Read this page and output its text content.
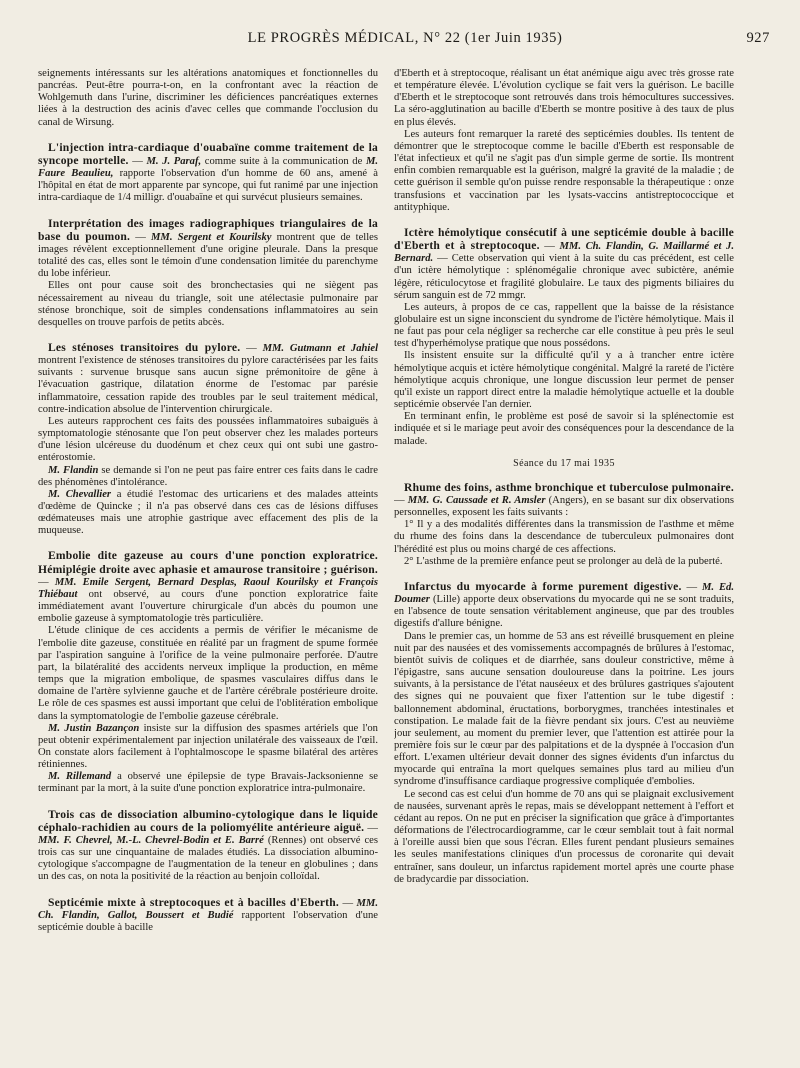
LE PROGRÈS MÉDICAL, N° 22 (1er Juin 1935)	927

seignements intéressants sur les altérations anatomiques et fonctionnelles du pancréas. Peut-être pourra-t-on, en la confrontant avec la réaction de Wohlgemuth dans l'urine, discriminer les déficiences pancréatiques externes liées à la destruction des acinis d'avec celles que commande l'occlusion du canal de Wirsung.

L'injection intra-cardiaque d'ouabaïne comme traitement de la syncope mortelle. — M. J. Paraf, comme suite à la communication de M. Faure Beaulieu, rapporte l'observation d'un homme de 60 ans, amené à l'hôpital en état de mort apparente par syncope, qui fut ranimé par une injection intra-cardiaque de 1/4 milligr. d'ouabaïne et qui survécut plusieurs semaines.

Interprétation des images radiographiques triangulaires de la base du poumon. — MM. Sergent et Kourilsky montrent que de telles images révèlent exceptionnellement d'une origine pleurale. Dans la presque totalité des cas, elles sont le témoin d'une condensation limitée du parenchyme du lobe inférieur.

Elles ont pour cause soit des bronchectasies qui ne siègent pas nécessairement au niveau du triangle, soit une atélectasie pulmonaire par sténose bronchique, soit de simples condensations inflammatoires au sein desquelles on trouve parfois de petits abcès.

Les sténoses transitoires du pylore. — MM. Gutmann et Jahiel montrent l'existence de sténoses transitoires du pylore caractérisées par les faits suivants : survenue brusque sans aucun signe prémonitoire de gêne à l'évacuation gastrique, dilatation énorme de l'estomac par parésie inflammatoire, cessation rapide des troubles par le seul traitement médical, contre-indication absolue de l'intervention chirurgicale.

Les auteurs rapprochent ces faits des poussées inflammatoires subaiguës à symptomatologie sténosante que l'on peut observer chez les malades porteurs d'une lésion ulcéreuse du duodénum et chez ceux qui ont subi une gastro-entérostomie.

M. Flandin se demande si l'on ne peut pas faire entrer ces faits dans le cadre des phénomènes d'intolérance.

M. Chevallier a étudié l'estomac des urticariens et des malades atteints d'œdème de Quincke ; il n'a pas observé dans ces cas de lésions diffuses œdémateuses mais une atrophie gastrique avec effacement des plis de la muqueuse.

Embolie dite gazeuse au cours d'une ponction exploratrice. Hémiplégie droite avec aphasie et amaurose transitoire ; guérison. — MM. Emile Sergent, Bernard Desplas, Raoul Kourilsky et François Thiébaut ont observé, au cours d'une ponction exploratrice faite immédiatement avant l'ouverture chirurgicale d'un abcès du poumon une embolie gazeuse à symptomatologie très particulière.

L'étude clinique de ces accidents a permis de vérifier le mécanisme de l'embolie dite gazeuse, constituée en réalité par un fragment de spume formée par l'aspiration sanguine à l'orifice de la veine pulmonaire perforée. D'autre part, la bilatéralité des accidents nerveux implique la production, en même temps que la migration embolique, de spasmes vasculaires diffus dans le domaine de l'artère sylvienne gauche et de l'artère cérébrale postérieure droite. Le rôle de ces spasmes est aussi important que celui de l'oblitération embolique dans la symptomatologie de l'embolie gazeuse cérébrale.

M. Justin Bazançon insiste sur la diffusion des spasmes artériels que l'on peut obtenir expérimentalement par injection unilatérale des vaisseaux de l'œil. On constate alors facilement à l'ophtalmoscope le spasme bilatéral des artères rétiniennes.

M. Rillemand a observé une épilepsie de type Bravais-Jacksonienne se terminant par la mort, à la suite d'une ponction exploratrice intra-pulmonaire.

Trois cas de dissociation albumino-cytologique dans le liquide céphalo-rachidien au cours de la poliomyélite antérieure aiguë. — MM. F. Chevrel, M.-L. Chevrel-Bodin et E. Barré (Rennes) ont observé ces trois cas sur une cinquantaine de malades étudiés. La dissociation albumino-cytologique s'accompagne de l'augmentation de la teneur en globulines ; dans un des cas, on nota la positivité de la réaction au benjoin colloïdal.

Septicémie mixte à streptocoques et à bacilles d'Eberth. — MM. Ch. Flandin, Gallot, Boussert et Budié rapportent l'observation d'une septicémie double à bacille

d'Eberth et à streptocoque, réalisant un état anémique aigu avec très grosse rate et température élevée. L'évolution cyclique se fait vers la guérison. Le bacille d'Eberth et le streptocoque sont retrouvés dans trois hémocultures successives. La séro-agglutination au bacille d'Eberth se montre positive à des taux de plus en plus élevés.

Les auteurs font remarquer la rareté des septicémies doubles. Ils tentent de démontrer que le streptocoque comme le bacille d'Eberth est responsable de l'état infectieux et qu'il ne s'agit pas d'un simple germe de sortie. Ils montrent enfin combien remarquable est la guérison, malgré la gravité de la maladie ; de cette guérison il semble qu'on puisse rendre responsable la thérapeutique : onze transfusions et vaccination par les lysats-vaccins antistreptococcique et antityphique.

Ictère hémolytique consécutif à une septicémie double à bacille d'Eberth et à streptocoque. — MM. Ch. Flandin, G. Maillarmé et J. Bernard. — Cette observation qui vient à la suite du cas précédent, est celle d'un ictère hémolytique : splénomégalie chronique avec subictère, anémie légère, réticulocytose et fragilité globulaire. Le taux des pigments biliaires du sérum sanguin est de 72 mmgr.

Les auteurs, à propos de ce cas, rappellent que la baisse de la résistance globulaire est un signe inconscient du syndrome de l'ictère hémolytique. Mais il ne faut pas pour cela négliger sa recherche car elle constitue à peu près le seul test d'hyperhémolyse pratique que nous possédons.

Ils insistent ensuite sur la difficulté qu'il y a à trancher entre ictère hémolytique acquis et ictère hémolytique congénital. Malgré la rareté de l'ictère hémolytique acquis chronique, une longue discussion leur permet de penser qu'il existe un rapport direct entre la maladie hémolytique actuelle et la double septicémie observée l'an dernier.

En terminant enfin, le problème est posé de savoir si la splénectomie est indiquée et si le mariage peut avoir des conséquences pour la descendance de la malade.

Séance du 17 mai 1935

Rhume des foins, asthme bronchique et tuberculose pulmonaire. — MM. G. Caussade et R. Amsler (Angers), en se basant sur dix observations personnelles, exposent les faits suivants :

1° Il y a des modalités différentes dans la transmission de l'asthme et même du rhume des foins dans la descendance de tuberculeux pulmonaires dont l'hérédité est plus ou moins chargé de ces affections.

2° L'asthme de la première enfance peut se prolonger au delà de la puberté.

Infarctus du myocarde à forme purement digestive. — M. Ed. Doumer (Lille) apporte deux observations du myocarde qui ne se sont traduits, en l'absence de toute sensation véritablement angineuse, que par des troubles digestifs d'allure bénigne.

Dans le premier cas, un homme de 53 ans est réveillé brusquement en pleine nuit par des nausées et des vomissements accompagnés de brûlures à l'estomac, bientôt suivis de coliques et de diarrhée, sans douleur constrictive, même à l'épigastre, sans aucune sensation douloureuse dans la poitrine. Les jours suivants, à la persistance de l'état nauséeux et des brûlures gastriques s'ajoutent des signes qui ne pouvaient que fixer l'attention sur le tube digestif : ballonnement abdominal, éructations, borborygmes, tranchées intestinales et constipation. Le malade fait de la fièvre pendant six jours. C'est au neuvième jour seulement, au moment du premier lever, que l'attention est attirée pour la première fois sur le cœur par des palpitations et de la dyspnée à l'occasion d'un effort. L'examen ultérieur devait donner des signes évidents d'un infarctus du myocarde qui entraîna la mort quelques semaines plus tard au milieu d'un syndrome d'insuffisance cardiaque progressive compliquée d'embolies.

Le second cas est celui d'un homme de 70 ans qui se plaignait exclusivement de nausées, survenant après le repas, mais se développant nettement à l'effort et cédant au repos. On ne put en préciser la signification que grâce à d'importantes déformations de l'électrocardiogramme, car le cœur semblait tout à fait normal à l'oreille aussi bien que sous l'écran. Elles furent pendant plusieurs semaines les seules manifestations cliniques d'un processus de coronarite qui devait entraîner, sans douleur, un infarctus rapidement mortel après une courte phase de bradycardie par dissociation.
